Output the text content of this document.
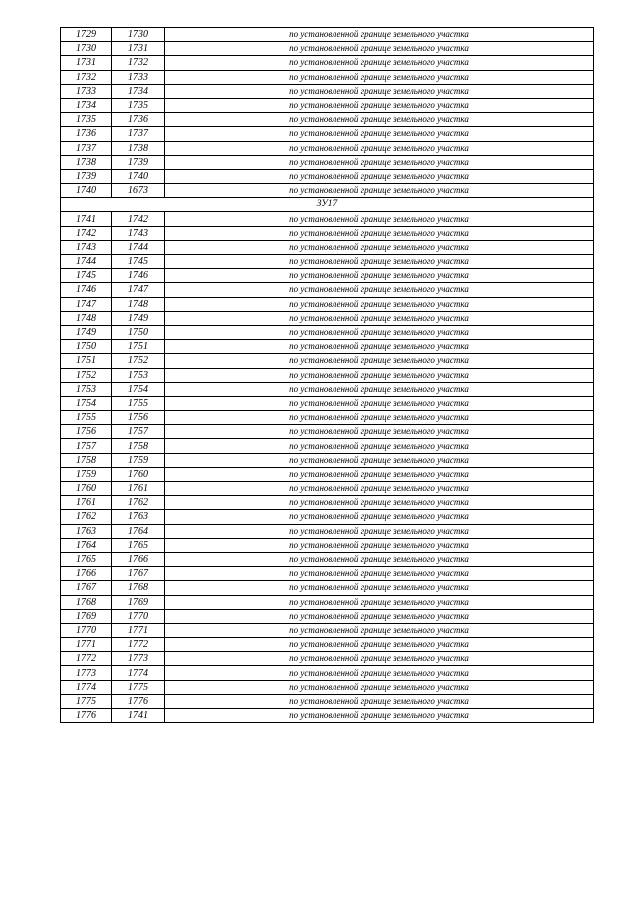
1729	1730	по установленной границе земельного участка
1730	1731	по установленной границе земельного участка
1731	1732	по установленной границе земельного участка
1732	1733	по установленной границе земельного участка
1733	1734	по установленной границе земельного участка
1734	1735	по установленной границе земельного участка
1735	1736	по установленной границе земельного участка
1736	1737	по установленной границе земельного участка
1737	1738	по установленной границе земельного участка
1738	1739	по установленной границе земельного участка
1739	1740	по установленной границе земельного участка
1740	1673	по установленной границе земельного участка
ЗУ17		
1741	1742	по установленной границе земельного участка
1742	1743	по установленной границе земельного участка
1743	1744	по установленной границе земельного участка
1744	1745	по установленной границе земельного участка
1745	1746	по установленной границе земельного участка
1746	1747	по установленной границе земельного участка
1747	1748	по установленной границе земельного участка
1748	1749	по установленной границе земельного участка
1749	1750	по установленной границе земельного участка
1750	1751	по установленной границе земельного участка
1751	1752	по установленной границе земельного участка
1752	1753	по установленной границе земельного участка
1753	1754	по установленной границе земельного участка
1754	1755	по установленной границе земельного участка
1755	1756	по установленной границе земельного участка
1756	1757	по установленной границе земельного участка
1757	1758	по установленной границе земельного участка
1758	1759	по установленной границе земельного участка
1759	1760	по установленной границе земельного участка
1760	1761	по установленной границе земельного участка
1761	1762	по установленной границе земельного участка
1762	1763	по установленной границе земельного участка
1763	1764	по установленной границе земельного участка
1764	1765	по установленной границе земельного участка
1765	1766	по установленной границе земельного участка
1766	1767	по установленной границе земельного участка
1767	1768	по установленной границе земельного участка
1768	1769	по установленной границе земельного участка
1769	1770	по установленной границе земельного участка
1770	1771	по установленной границе земельного участка
1771	1772	по установленной границе земельного участка
1772	1773	по установленной границе земельного участка
1773	1774	по установленной границе земельного участка
1774	1775	по установленной границе земельного участка
1775	1776	по установленной границе земельного участка
1776	1741	по установленной границе земельного участка
